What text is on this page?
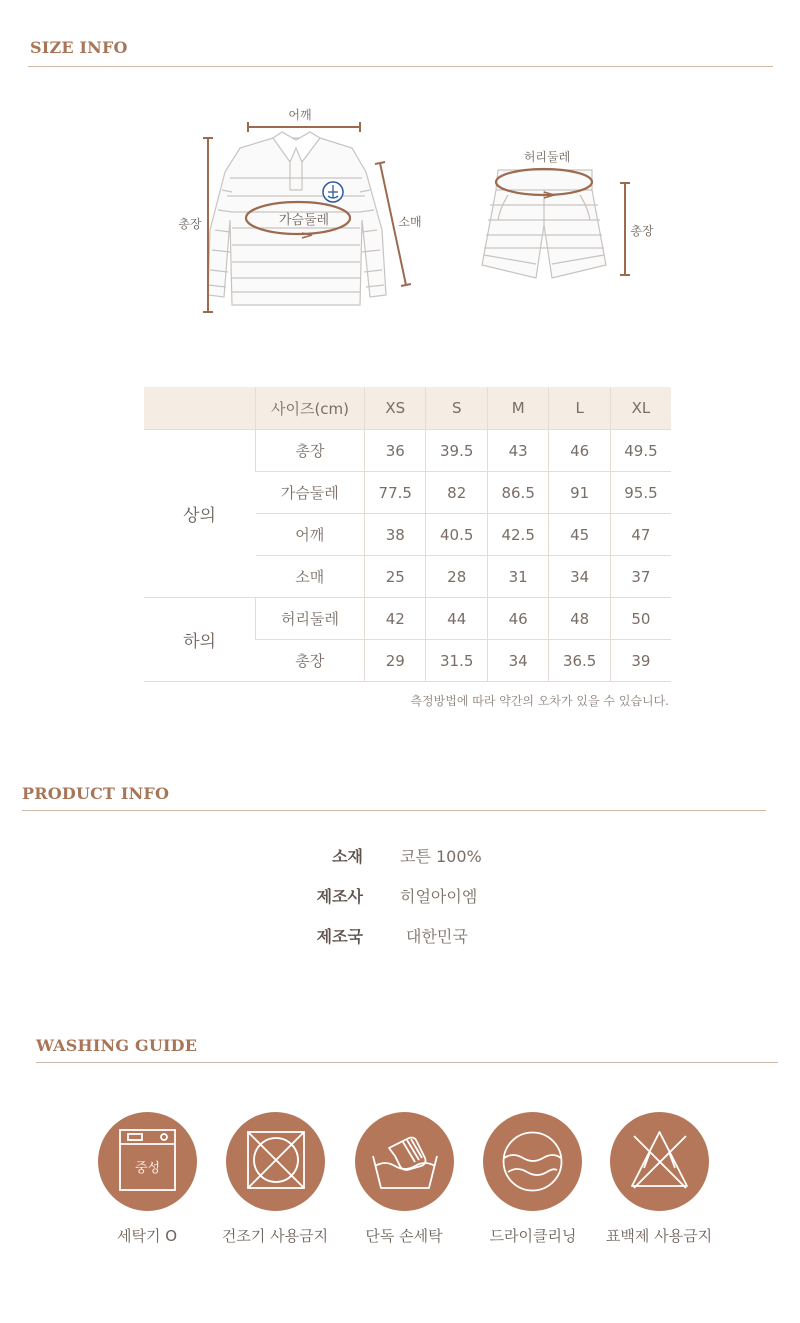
SIZE INFO
어깨
총장	가슴둘레	소매
허리둘레
총장
	사이즈(cm)	XS	S	M	L	XL
상의	총장	36	39.5	43	46	49.5
	가슴둘레	77.5	82	86.5	91	95.5
	어깨	38	40.5	42.5	45	47
	소매	25	28	31	34	37
하의	허리둘레	42	44	46	48	50
	총장	29	31.5	34	36.5	39
측정방법에 따라 약간의 오차가 있을 수 있습니다.
PRODUCT INFO
소재 코튼 100%
제조사 히얼아이엠
제조국	대한민국
WASHING GUIDE
중성
세탁기 O	건조기 사용금지	단독 손세탁	드라이클리닝	표백제 사용금지
